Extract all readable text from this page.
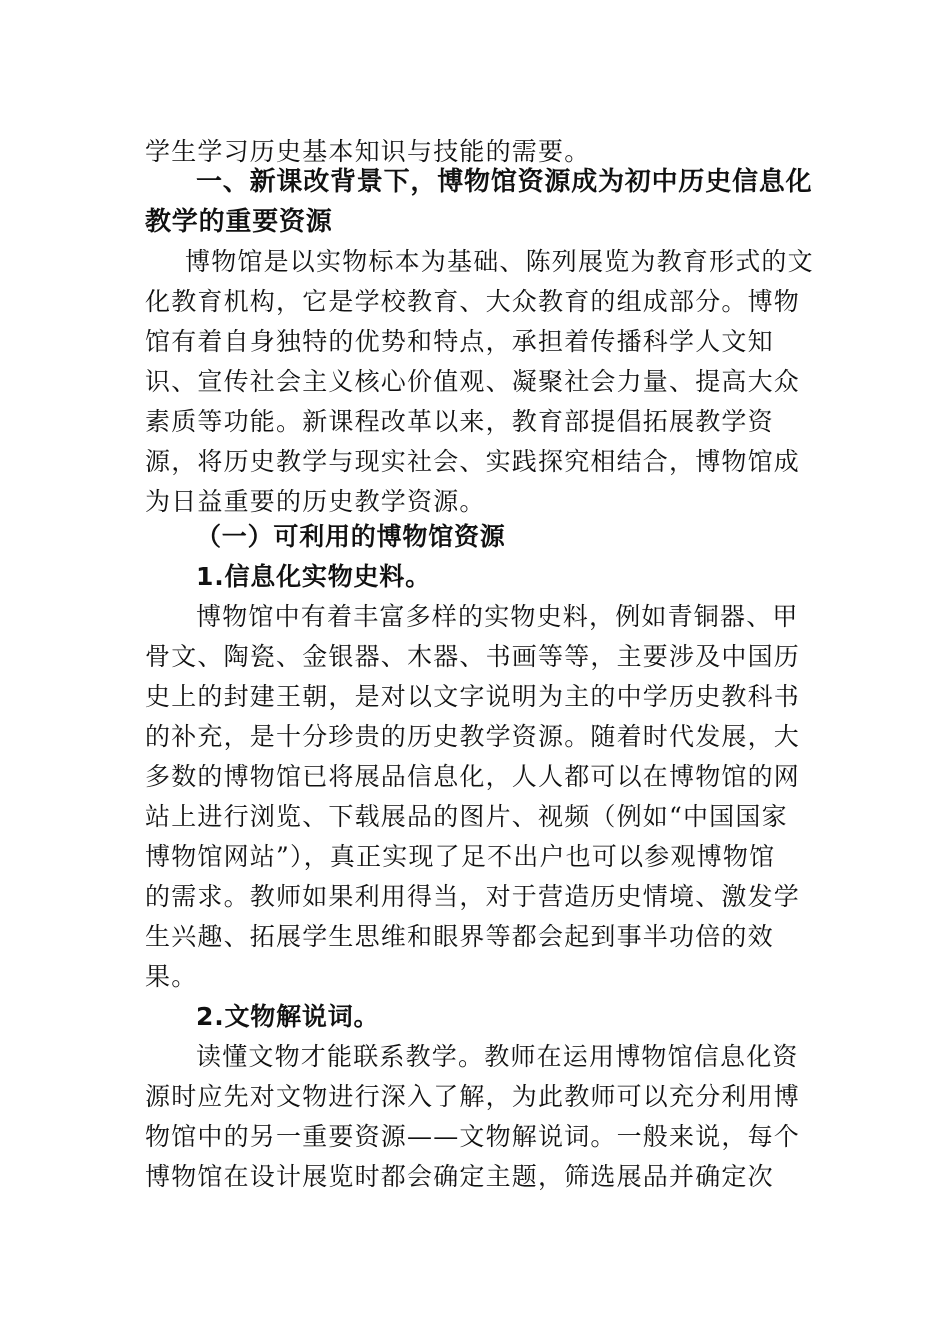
学生学习历史基本知识与技能的需要。
一、新课改背景下，博物馆资源成为初中历史信息化
教学的重要资源
博物馆是以实物标本为基础、陈列展览为教育形式的文
化教育机构，它是学校教育、大众教育的组成部分。博物
馆有着自身独特的优势和特点，承担着传播科学人文知
识、宣传社会主义核心价值观、凝聚社会力量、提高大众
素质等功能。新课程改革以来，教育部提倡拓展教学资
源，将历史教学与现实社会、实践探究相结合，博物馆成
为日益重要的历史教学资源。
（一）可利用的博物馆资源
1.信息化实物史料。
博物馆中有着丰富多样的实物史料，例如青铜器、甲
骨文、陶瓷、金银器、木器、书画等等，主要涉及中国历
史上的封建王朝，是对以文字说明为主的中学历史教科书
的补充，是十分珍贵的历史教学资源。随着时代发展，大
多数的博物馆已将展品信息化，人人都可以在博物馆的网
站上进行浏览、下载展品的图片、视频（例如“中国国家
博物馆网站”），真正实现了足不出户也可以参观博物馆
的需求。教师如果利用得当，对于营造历史情境、激发学
生兴趣、拓展学生思维和眼界等都会起到事半功倍的效
果。
2.文物解说词。
读懂文物才能联系教学。教师在运用博物馆信息化资
源时应先对文物进行深入了解，为此教师可以充分利用博
物馆中的另一重要资源——文物解说词。一般来说，每个
博物馆在设计展览时都会确定主题，筛选展品并确定次
